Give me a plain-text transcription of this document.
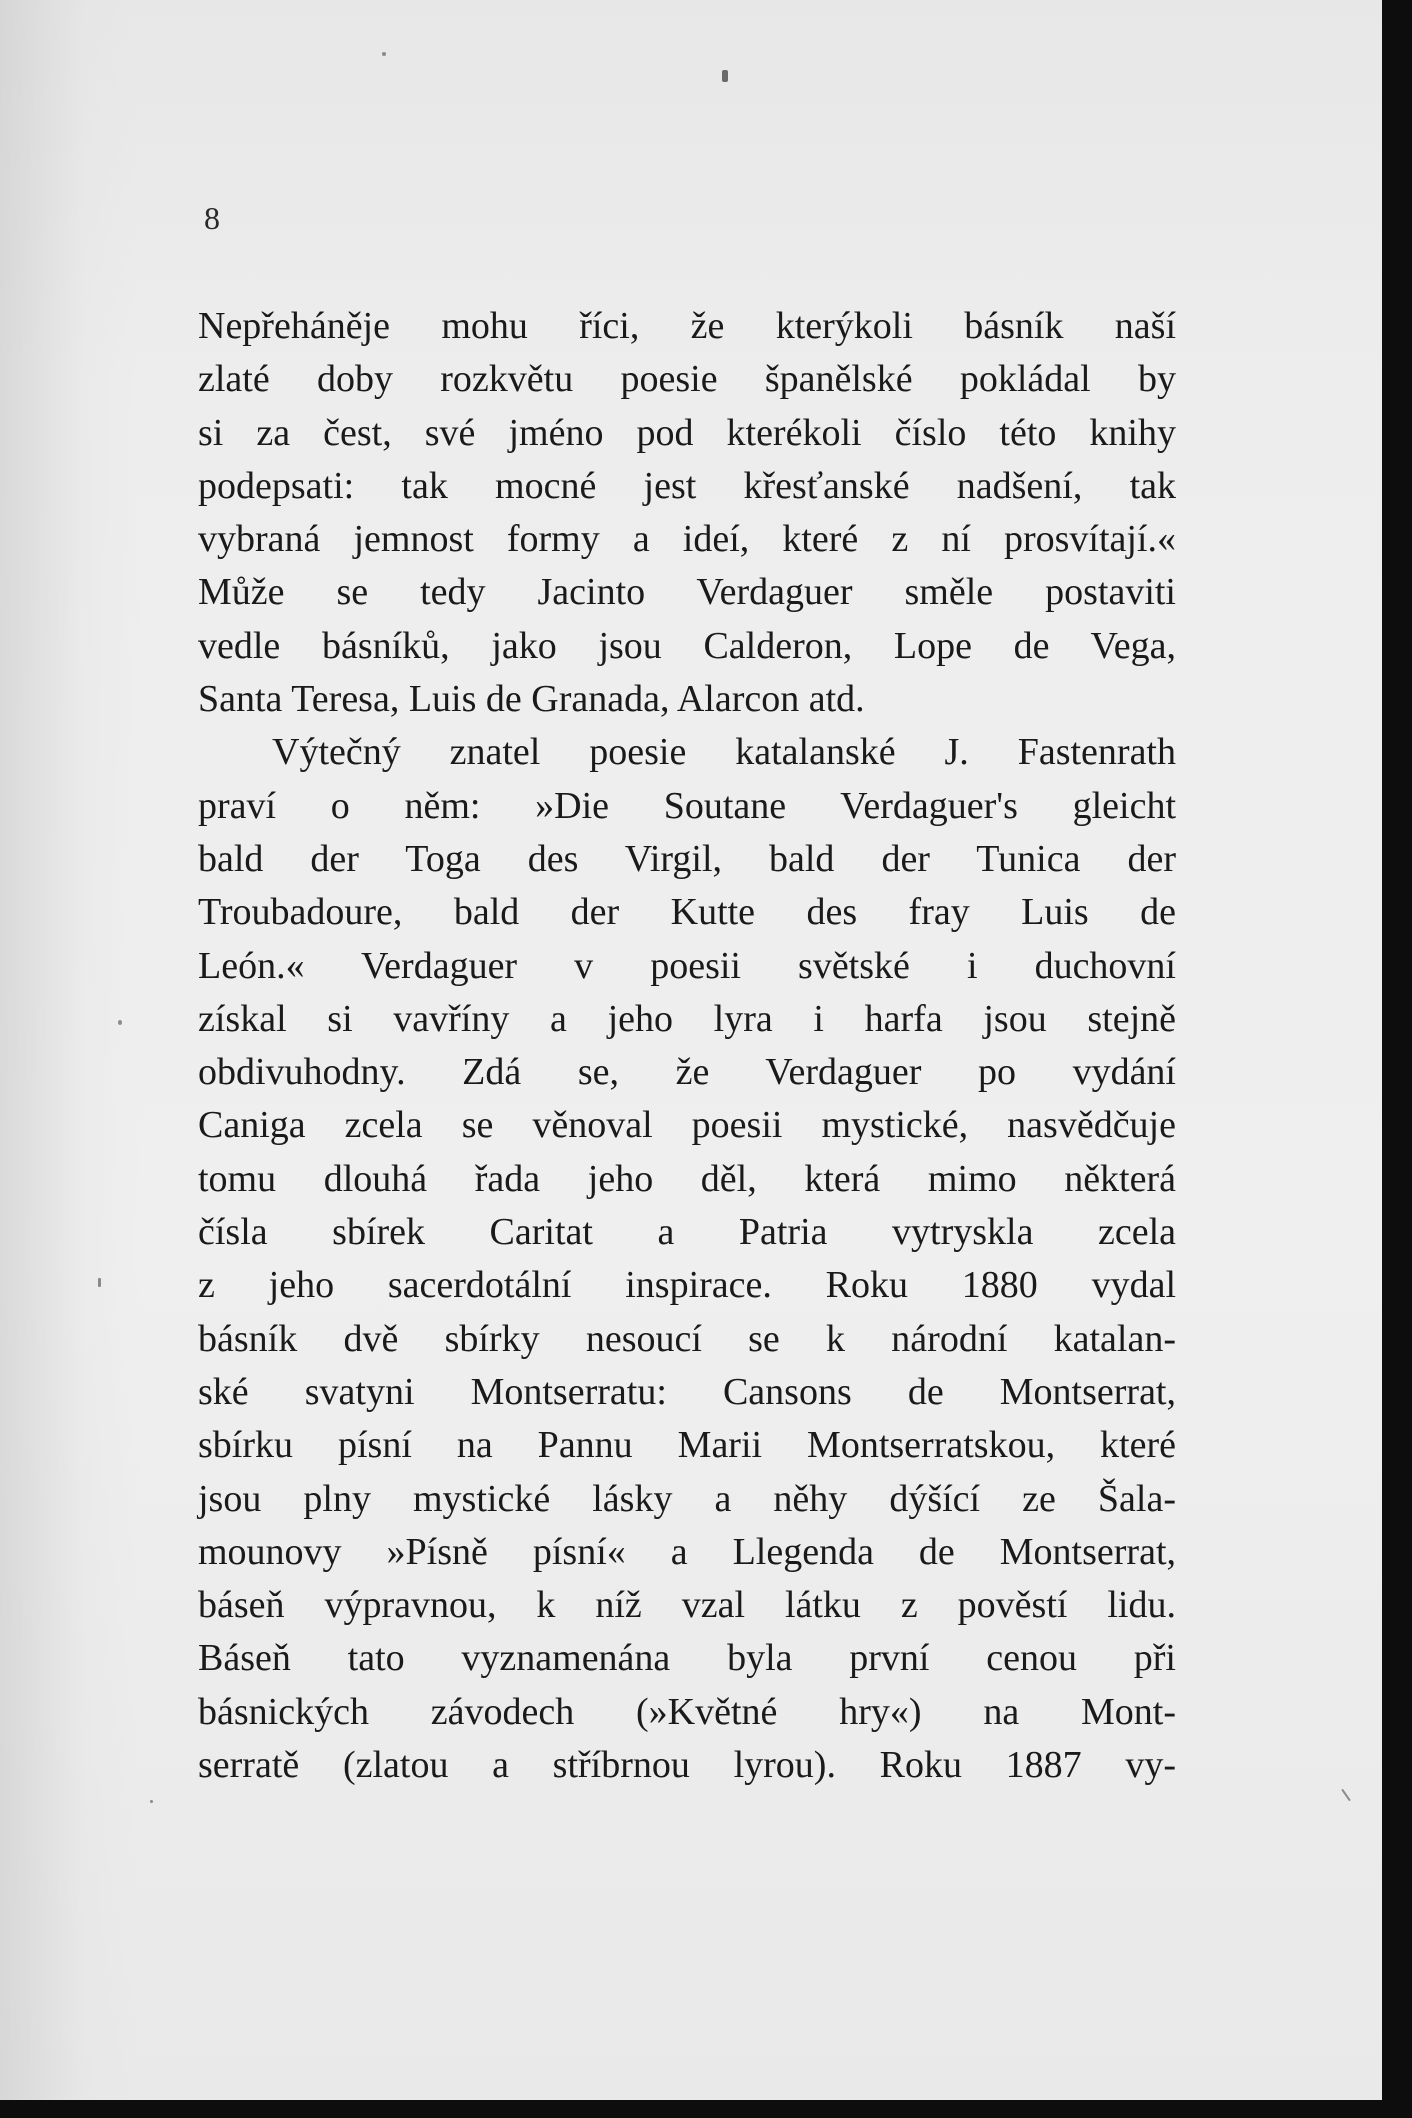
8
Nepřeháněje mohu říci, že kterýkoli básník naší
zlaté doby rozkvětu poesie španělské pokládal by
si za čest, své jméno pod kterékoli číslo této knihy
podepsati: tak mocné jest křesťanské nadšení, tak
vybraná jemnost formy a ideí, které z ní prosvítají.«
Může se tedy Jacinto Verdaguer směle postaviti
vedle básníků, jako jsou Calderon, Lope de Vega,
Santa Teresa, Luis de Granada, Alarcon atd.
Výtečný znatel poesie katalanské J. Fastenrath
praví o něm: »Die Soutane Verdaguer's gleicht
bald der Toga des Virgil, bald der Tunica der
Troubadoure, bald der Kutte des fray Luis de
León.« Verdaguer v poesii světské i duchovní
získal si vavříny a jeho lyra i harfa jsou stejně
obdivuhodny. Zdá se, že Verdaguer po vydání
Caniga zcela se věnoval poesii mystické, nasvědčuje
tomu dlouhá řada jeho děl, která mimo některá
čísla sbírek Caritat a Patria vytryskla zcela
z jeho sacerdotální inspirace. Roku 1880 vydal
básník dvě sbírky nesoucí se k národní katalan-
ské svatyni Montserratu: Cansons de Montserrat,
sbírku písní na Pannu Marii Montserratskou, které
jsou plny mystické lásky a něhy dýšící ze Šala-
mounovy »Písně písní« a Llegenda de Montserrat,
báseň výpravnou, k níž vzal látku z pověstí lidu.
Báseň tato vyznamenána byla první cenou při
básnických závodech (»Květné hry«) na Mont-
serratě (zlatou a stříbrnou lyrou). Roku 1887 vy-
